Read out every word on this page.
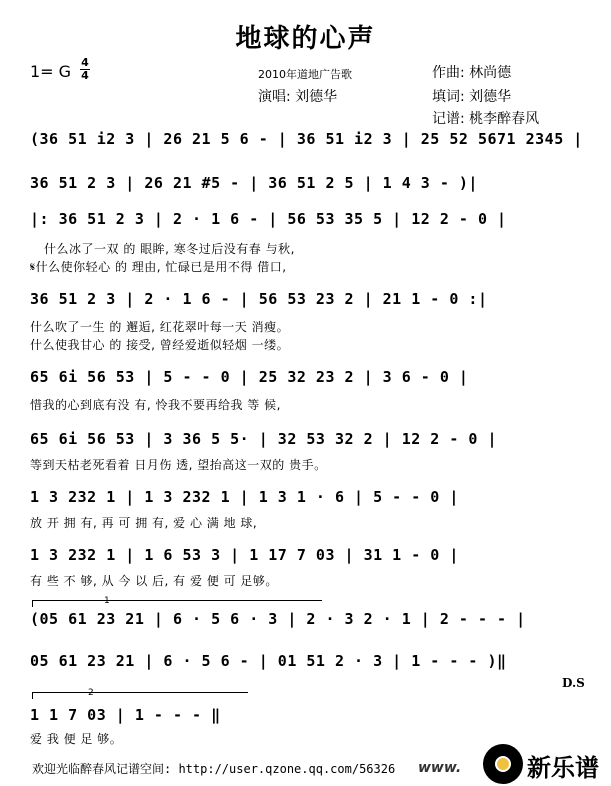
地球的心声
1= G 4
4	2010年道地广告歌	作曲: 林尚德
演唱: 刘德华	填词: 刘德华
记谱: 桃李醉春风
(36 51 i2 3 | 26 21 5 6 - | 36 51 i2 3 | 25 52 5671 2345 |
36 51 2 3 | 26 21 #5 - | 36 51 2 5 | 1 4 3 - )|
|: 36 51 2 3 | 2 · 1 6 - | 56 53 35 5 | 12 2 - 0 |
什么冰了一双 的 眼眸, 寒冬过后没有春 与秋,
𝄋什么使你轻心 的 理由, 忙碌已是用不得 借口,
36 51 2 3 | 2 · 1 6 - | 56 53 23 2 | 21 1 - 0 :|
什么吹了一生 的 邂逅, 红花翠叶每一天 消瘦。
什么使我甘心 的 接受, 曾经爱逝似轻烟 一缕。
65 6i 56 53 | 5 - - 0 | 25 32 23 2 | 3 6 - 0 |
惜我的心到底有没 有, 怜我不要再给我 等 候,
65 6i 56 53 | 3 36 5 5· | 32 53 32 2 | 12 2 - 0 |
等到天枯老死看着 日月伤 透, 望抬高这一双的 贵手。
1 3 232 1 | 1 3 232 1 | 1 3 1 · 6 | 5 - - 0 |
放 开 拥 有, 再 可 拥 有, 爱 心 满 地 球,
1 3 232 1 | 1 6 53 3 | 1 17 7 03 | 31 1 - 0 |
有 些 不 够, 从 今 以 后, 有 爱 便 可 足够。
1
(05 61 23 21 | 6 · 5 6 · 3 | 2 · 3 2 · 1 | 2 - - - |
05 61 23 21 | 6 · 5 6 - | 01 51 2 · 3 | 1 - - - )‖
D.S
2
1 1 7 03 | 1 - - - ‖
爱 我 便 足 够。
欢迎光临醉春风记谱空间: http://user.qzone.qq.com/56326 www.	新乐谱
